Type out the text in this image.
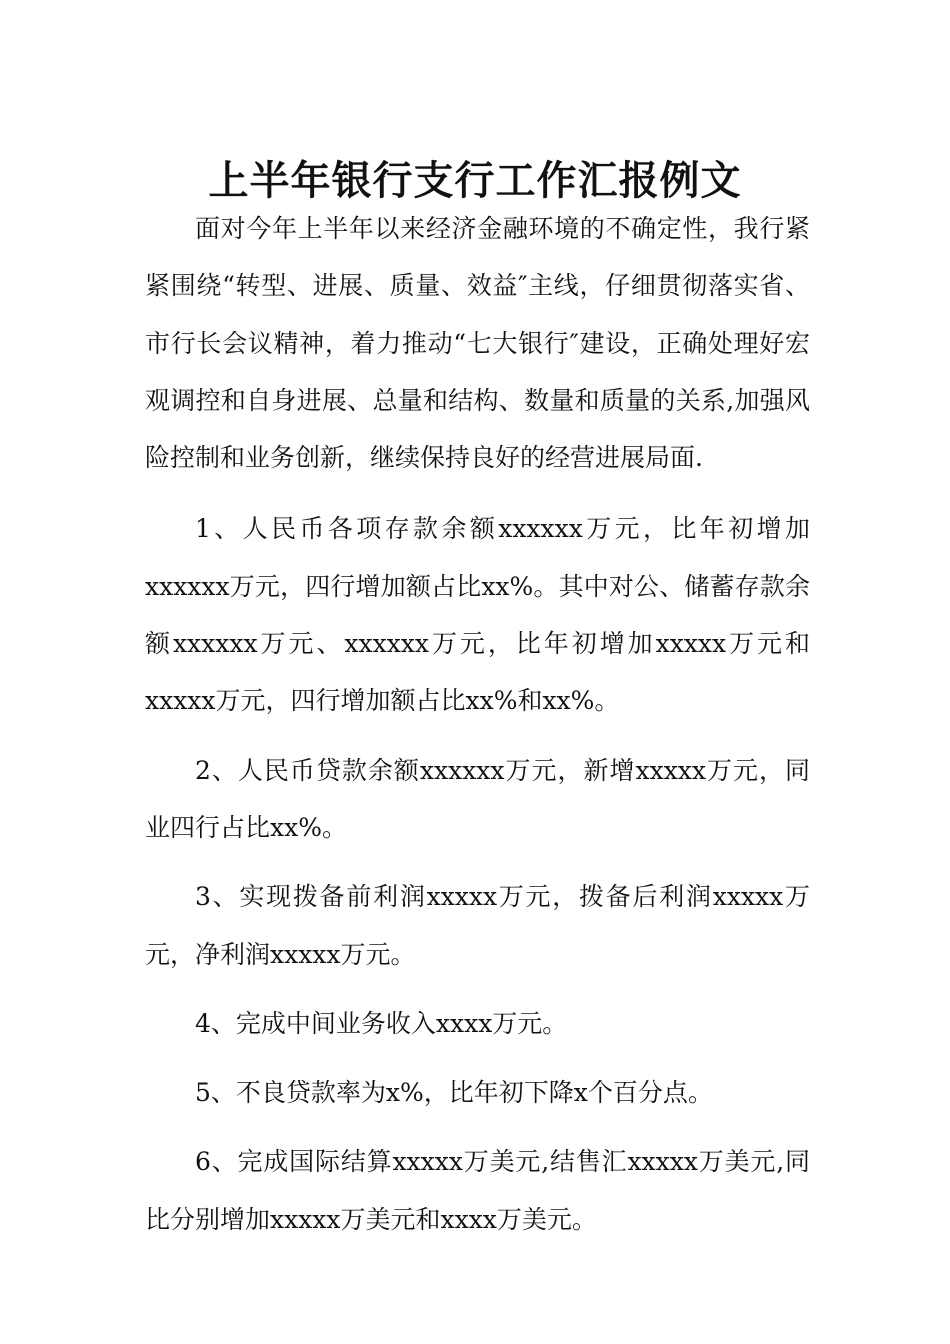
上半年银行支行工作汇报例文

面对今年上半年以来经济金融环境的不确定性，我行紧紧围绕“转型、进展、质量、效益″主线，仔细贯彻落实省、市行长会议精神，着力推动“七大银行″建设，正确处理好宏观调控和自身进展、总量和结构、数量和质量的关系,加强风险控制和业务创新，继续保持良好的经营进展局面.

1、人民币各项存款余额xxxxxx万元，比年初增加xxxxxx万元，四行增加额占比xx%。其中对公、储蓄存款余额xxxxxx万元、xxxxxx万元，比年初增加xxxxx万元和xxxxx万元，四行增加额占比xx%和xx%。

2、人民币贷款余额xxxxxx万元，新增xxxxx万元，同业四行占比xx%。

3、实现拨备前利润xxxxx万元，拨备后利润xxxxx万元，净利润xxxxx万元。

4、完成中间业务收入xxxx万元。

5、不良贷款率为x%，比年初下降x个百分点。

6、完成国际结算xxxxx万美元,结售汇xxxxx万美元,同比分别增加xxxxx万美元和xxxx万美元。
